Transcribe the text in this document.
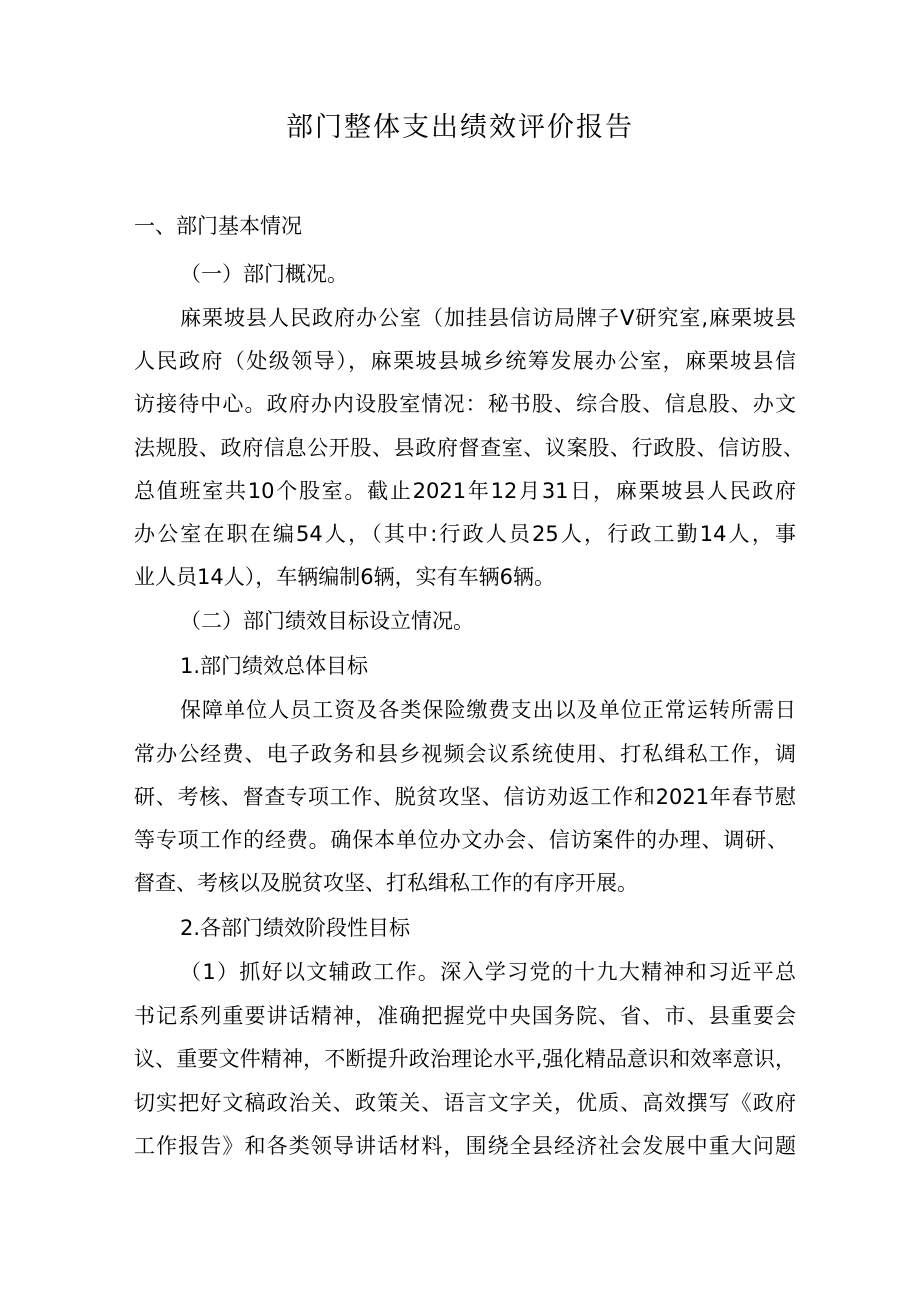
部门整体支出绩效评价报告
一、部门基本情况
（一）部门概况。
麻栗坡县人民政府办公室（加挂县信访局牌子V研究室,麻栗坡县
人民政府（处级领导），麻栗坡县城乡统筹发展办公室，麻栗坡县信
访接待中心。政府办内设股室情况：秘书股、综合股、信息股、办文
法规股、政府信息公开股、县政府督查室、议案股、行政股、信访股、
总值班室共10个股室。截止2021年12月31日，麻栗坡县人民政府
办公室在职在编54人，（其中:行政人员25人，行政工勤14人，事
业人员14人），车辆编制6辆，实有车辆6辆。
（二）部门绩效目标设立情况。
1.部门绩效总体目标
保障单位人员工资及各类保险缴费支出以及单位正常运转所需日
常办公经费、电子政务和县乡视频会议系统使用、打私缉私工作，调
研、考核、督查专项工作、脱贫攻坚、信访劝返工作和2021年春节慰
等专项工作的经费。确保本单位办文办会、信访案件的办理、调研、
督查、考核以及脱贫攻坚、打私缉私工作的有序开展。
2.各部门绩效阶段性目标
（1）抓好以文辅政工作。深入学习党的十九大精神和习近平总
书记系列重要讲话精神，准确把握党中央国务院、省、市、县重要会
议、重要文件精神，不断提升政治理论水平,强化精品意识和效率意识，
切实把好文稿政治关、政策关、语言文字关，优质、高效撰写《政府
工作报告》和各类领导讲话材料，围绕全县经济社会发展中重大问题
